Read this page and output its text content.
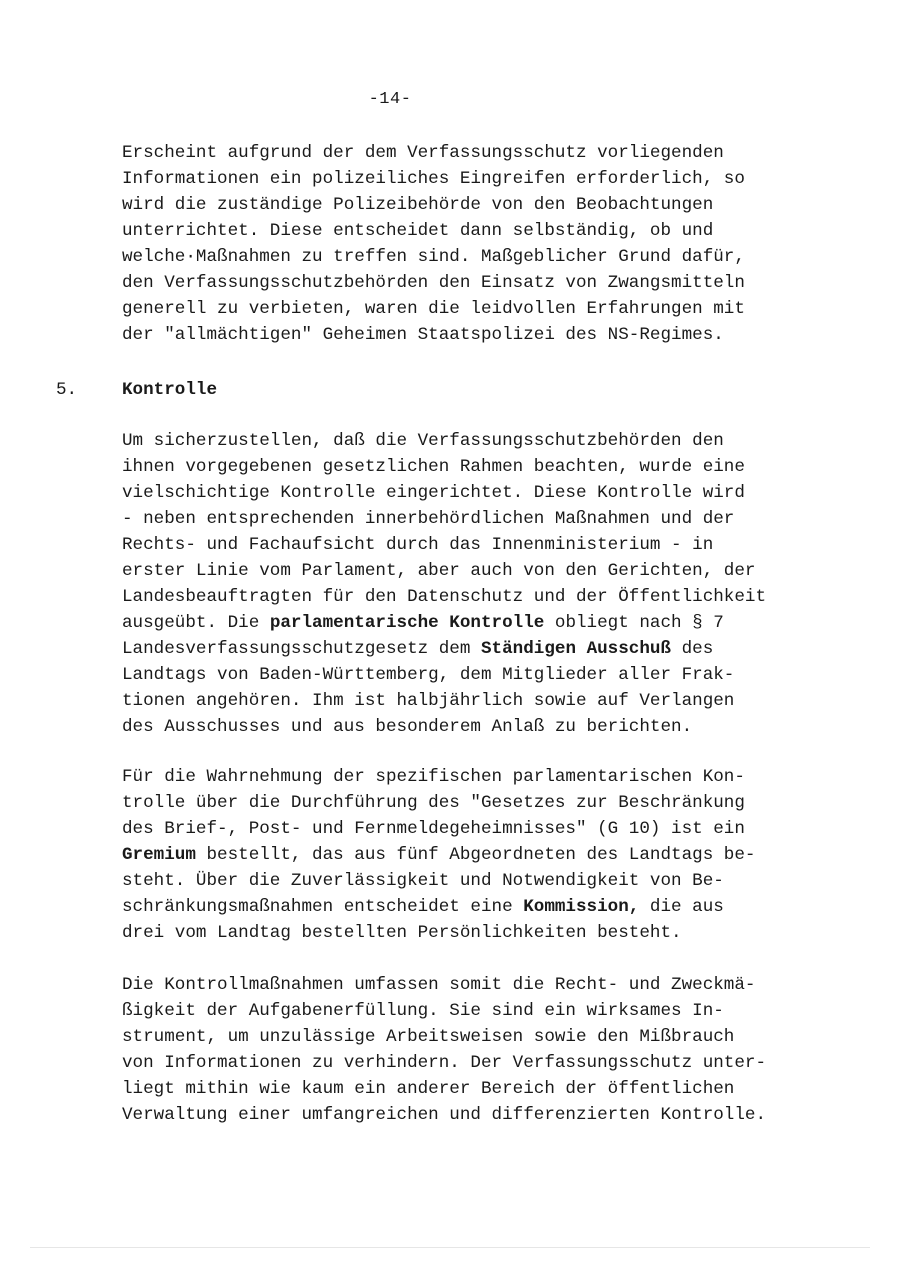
-14-

Erscheint aufgrund der dem Verfassungsschutz vorliegenden
Informationen ein polizeiliches Eingreifen erforderlich, so
wird die zuständige Polizeibehörde von den Beobachtungen
unterrichtet. Diese entscheidet dann selbständig, ob und
welche·Maßnahmen zu treffen sind. Maßgeblicher Grund dafür,
den Verfassungsschutzbehörden den Einsatz von Zwangsmitteln
generell zu verbieten, waren die leidvollen Erfahrungen mit
der "allmächtigen" Geheimen Staatspolizei des NS-Regimes.

5.	Kontrolle

Um sicherzustellen, daß die Verfassungsschutzbehörden den
ihnen vorgegebenen gesetzlichen Rahmen beachten, wurde eine
vielschichtige Kontrolle eingerichtet. Diese Kontrolle wird
- neben entsprechenden innerbehördlichen Maßnahmen und der
Rechts- und Fachaufsicht durch das Innenministerium - in
erster Linie vom Parlament, aber auch von den Gerichten, der
Landesbeauftragten für den Datenschutz und der Öffentlichkeit
ausgeübt. Die parlamentarische Kontrolle obliegt nach § 7
Landesverfassungsschutzgesetz dem Ständigen Ausschuß des
Landtags von Baden-Württemberg, dem Mitglieder aller Frak-
tionen angehören. Ihm ist halbjährlich sowie auf Verlangen
des Ausschusses und aus besonderem Anlaß zu berichten.

Für die Wahrnehmung der spezifischen parlamentarischen Kon-
trolle über die Durchführung des "Gesetzes zur Beschränkung
des Brief-, Post- und Fernmeldegeheimnisses" (G 10) ist ein
Gremium bestellt, das aus fünf Abgeordneten des Landtags be-
steht. Über die Zuverlässigkeit und Notwendigkeit von Be-
schränkungsmaßnahmen entscheidet eine Kommission, die aus
drei vom Landtag bestellten Persönlichkeiten besteht.

Die Kontrollmaßnahmen umfassen somit die Recht- und Zweckmä-
ßigkeit der Aufgabenerfüllung. Sie sind ein wirksames In-
strument, um unzulässige Arbeitsweisen sowie den Mißbrauch
von Informationen zu verhindern. Der Verfassungsschutz unter-
liegt mithin wie kaum ein anderer Bereich der öffentlichen
Verwaltung einer umfangreichen und differenzierten Kontrolle.
